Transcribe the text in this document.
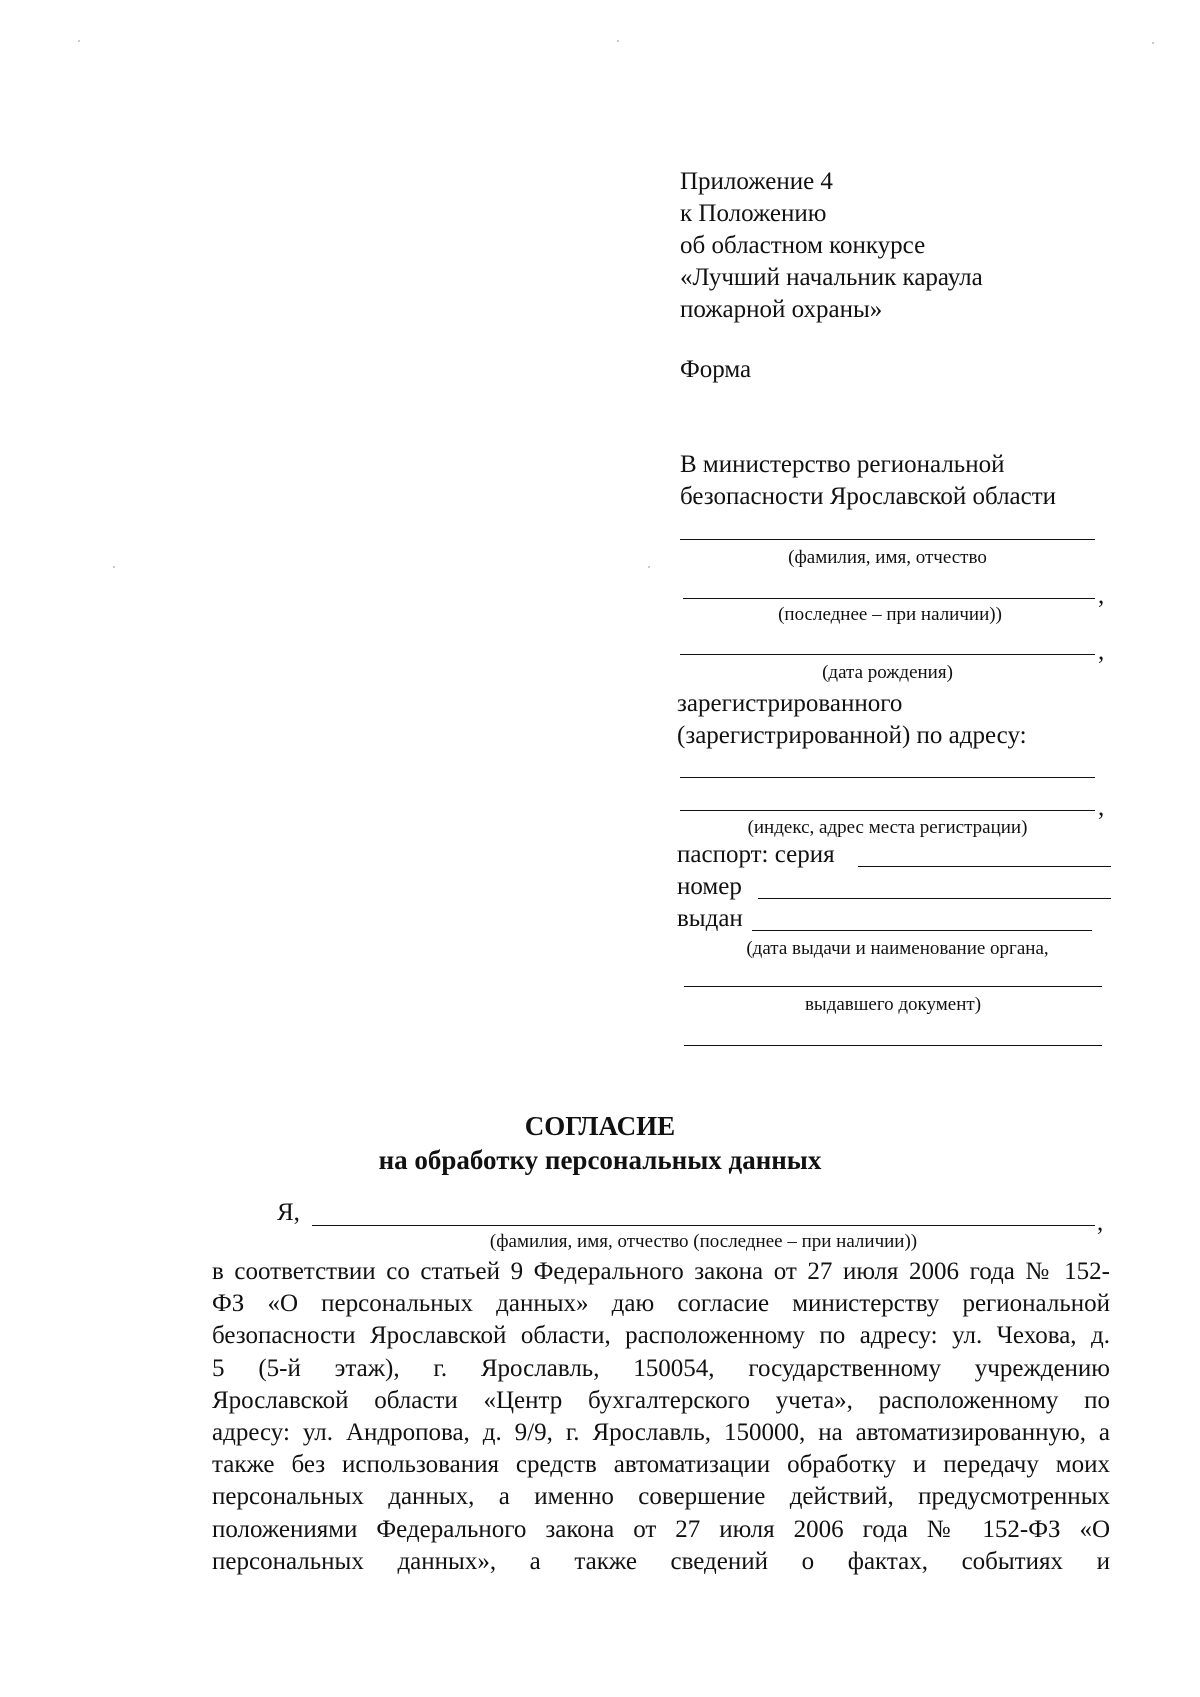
Приложение 4
к Положению
об областном конкурсе
«Лучший начальник караула
пожарной охраны»
Форма
В министерство региональной
безопасности Ярославской области
(фамилия, имя, отчество
,
(последнее – при наличии))
,
(дата рождения)
зарегистрированного
(зарегистрированной) по адресу:
,
(индекс, адрес места регистрации)
паспорт: серия
номер
выдан
(дата выдачи и наименование органа,
выдавшего документ)
СОГЛАСИЕ
на обработку персональных данных
Я,	,
(фамилия, имя, отчество (последнее – при наличии))

в соответствии со статьей 9 Федерального закона от 27 июля 2006 года № 152-

ФЗ «О персональных данных» даю согласие министерству региональной

безопасности Ярославской области, расположенному по адресу: ул. Чехова, д.

5 (5-й этаж), г. Ярославль, 150054, государственному учреждению

Ярославской области «Центр бухгалтерского учета», расположенному по

адресу: ул. Андропова, д. 9/9, г. Ярославль, 150000, на автоматизированную, а

также без использования средств автоматизации обработку и передачу моих

персональных данных, а именно совершение действий, предусмотренных

положениями Федерального закона от 27 июля 2006 года № 152-ФЗ «О

персональных данных», а также сведений о фактах, событиях и
